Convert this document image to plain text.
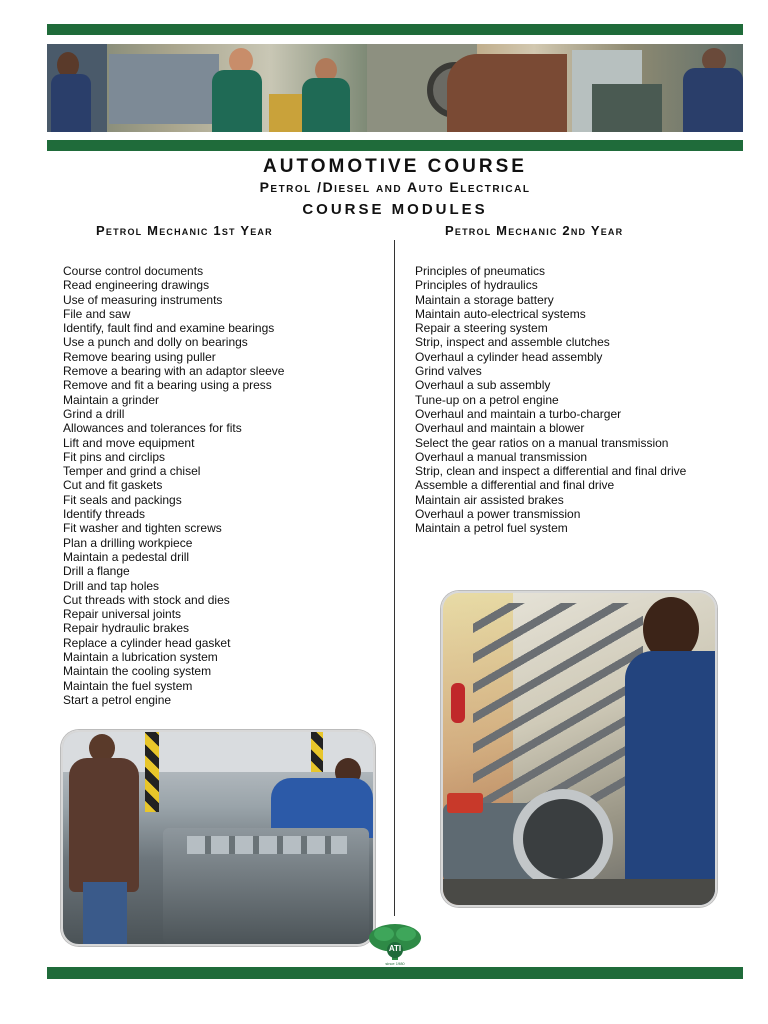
AUTOMOTIVE COURSE
Petrol /Diesel and Auto Electrical
COURSE MODULES
Petrol Mechanic 1st Year	Petrol Mechanic 2nd Year
Course control documents
Read engineering drawings
Use of measuring instruments
File and saw
Identify, fault find and examine bearings
Use a punch and dolly on bearings
Remove bearing using puller
Remove a bearing with an adaptor sleeve
Remove and fit a bearing using a press
Maintain a grinder
Grind a drill
Allowances and tolerances for fits
Lift and move equipment
Fit pins and circlips
Temper and grind a chisel
Cut and fit gaskets
Fit seals and packings
Identify threads
Fit washer and tighten screws
Plan a drilling workpiece
Maintain a pedestal drill
Drill a flange
Drill and tap holes
Cut threads with stock and dies
Repair universal joints
Repair hydraulic brakes
Replace a cylinder head gasket
Maintain a lubrication system
Maintain the cooling system
Maintain the fuel system
Start a petrol engine
Principles of pneumatics
Principles of hydraulics
Maintain a storage battery
Maintain auto-electrical systems
Repair a steering system
Strip, inspect and assemble clutches
Overhaul a cylinder head assembly
Grind valves
Overhaul a sub assembly
Tune-up on a petrol engine
Overhaul and maintain a turbo-charger
Overhaul and maintain a blower
Select the gear ratios on a manual transmission
Overhaul a manual transmission
Strip, clean and inspect a differential and final drive
Assemble a differential and final drive
Maintain air assisted brakes
Overhaul a power transmission
Maintain a petrol fuel system
ATI
since 1980
